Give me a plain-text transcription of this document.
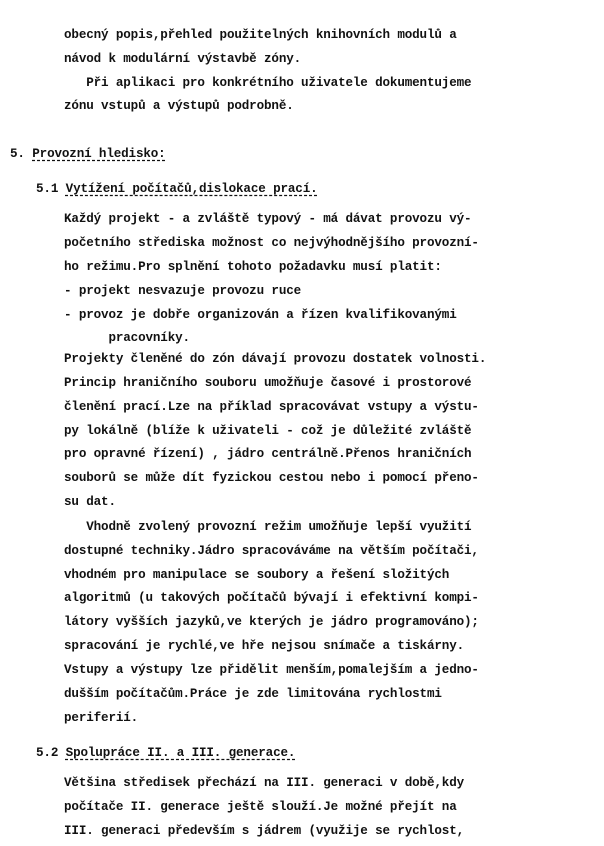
obecný popis,přehled použitelných knihovních modulů a
návod k modulární výstavbě zóny.
Při aplikaci pro konkrétního uživatele dokumentujeme
zónu vstupů a výstupů podrobně.
5. Provozní hledisko:
5.1 Vytížení počítačů,dislokace prací.
Každý projekt - a zvláště typový - má dávat provozu vý-
početního střediska možnost co nejvýhodnějšího provozní-
ho režimu.Pro splnění tohoto požadavku musí platit:
- projekt nesvazuje provozu ruce
- provoz je dobře organizován a řízen kvalifikovanými
pracovníky.
Projekty členěné do zón dávají provozu dostatek volnosti.
Princip hraničního souboru umožňuje časové i prostorové
členění prací.Lze na příklad spracovávat vstupy a výstu-
py lokálně (blíže k uživateli - což je důležité zvláště
pro opravné řízení) , jádro centrálně.Přenos hraničních
souborů se může dít fyzickou cestou nebo i pomocí přeno-
su dat.
Vhodně zvolený provozní režim umožňuje lepší využití
dostupné techniky.Jádro spracováváme na větším počítači,
vhodném pro manipulace se soubory a řešení složitých
algoritmů (u takových počítačů bývají i efektivní kompi-
látory vyšších jazyků,ve kterých je jádro programováno);
spracování je rychlé,ve hře nejsou snímače a tiskárny.
Vstupy a výstupy lze přidělit menším,pomalejším a jedno-
dušším počítačům.Práce je zde limitována rychlostmi
periferií.
5.2 Spolupráce II. a III. generace.
Většina středisek přechází na III. generaci v době,kdy
počítače II. generace ještě slouží.Je možné přejít na
III. generaci především s jádrem (využije se rychlost,
